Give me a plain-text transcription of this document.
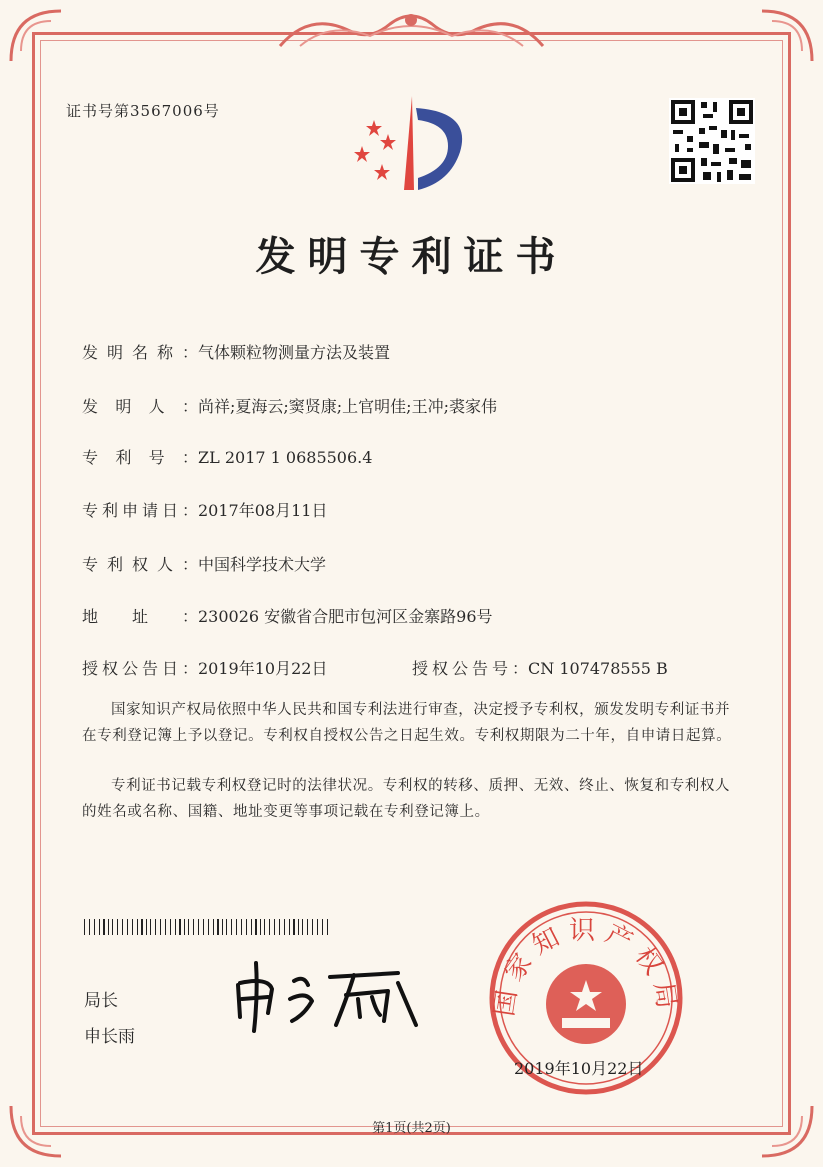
证书号第3567006号
发明专利证书
发明名称：气体颗粒物测量方法及装置
发明人：尚祥;夏海云;窦贤康;上官明佳;王冲;裘家伟
专利号：ZL 2017 1 0685506.4
专利申请日：2017年08月11日
专利权人：中国科学技术大学
地址：230026 安徽省合肥市包河区金寨路96号
授权公告日：2019年10月22日	授权公告号：CN 107478555 B
国家知识产权局依照中华人民共和国专利法进行审查，决定授予专利权，颁发发明专利证书并在专利登记簿上予以登记。专利权自授权公告之日起生效。专利权期限为二十年，自申请日起算。
专利证书记载专利权登记时的法律状况。专利权的转移、质押、无效、终止、恢复和专利权人的姓名或名称、国籍、地址变更等事项记载在专利登记簿上。
局长
申长雨
国家知识产权局
2019年10月22日
第1页(共2页)
